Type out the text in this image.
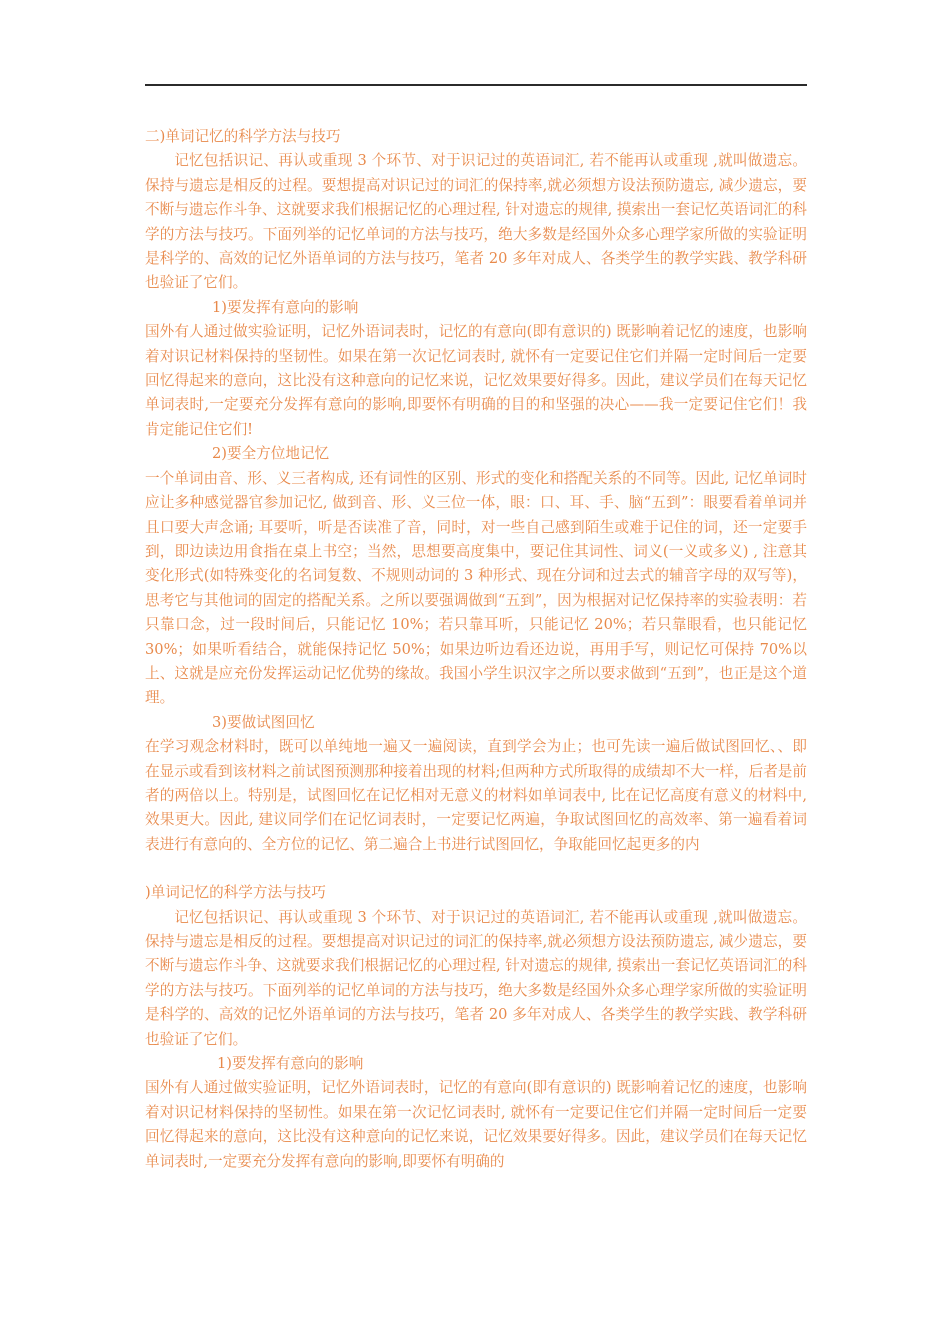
二)单词记忆的科学方法与技巧

记忆包括识记、再认或重现 3 个环节、对于识记过的英语词汇, 若不能再认或重现 ,就叫做遗忘。保持与遗忘是相反的过程。要想提高对识记过的词汇的保持率,就必须想方设法预防遗忘, 减少遗忘，要不断与遗忘作斗争、这就要求我们根据记忆的心理过程, 针对遗忘的规律, 摸索出一套记忆英语词汇的科学的方法与技巧。下面列举的记忆单词的方法与技巧，绝大多数是经国外众多心理学家所做的实验证明是科学的、高效的记忆外语单词的方法与技巧，笔者 20 多年对成人、各类学生的教学实践、教学科研也验证了它们。

1)要发挥有意向的影响

国外有人通过做实验证明，记忆外语词表时，记忆的有意向(即有意识的) 既影响着记忆的速度，也影响着对识记材料保持的坚韧性。如果在第一次记忆词表时, 就怀有一定要记住它们并隔一定时间后一定要回忆得起来的意向，这比没有这种意向的记忆来说，记忆效果要好得多。因此，建议学员们在每天记忆单词表时,一定要充分发挥有意向的影响,即要怀有明确的目的和坚强的决心——我一定要记住它们！我肯定能记住它们!

2)要全方位地记忆

一个单词由音、形、义三者构成, 还有词性的区别、形式的变化和搭配关系的不同等。因此, 记忆单词时应让多种感觉器官参加记忆, 做到音、形、义三位一体，眼：口、耳、手、脑“五到”：眼要看着单词并且口要大声念诵; 耳要听，听是否读准了音，同时，对一些自己感到陌生或难于记住的词，还一定要手到，即边读边用食指在桌上书空；当然，思想要高度集中，要记住其词性、词义(一义或多义) , 注意其变化形式(如特殊变化的名词复数、不规则动词的 3 种形式、现在分词和过去式的辅音字母的双写等)，思考它与其他词的固定的搭配关系。之所以要强调做到“五到”，因为根据对记忆保持率的实验表明：若只靠口念，过一段时间后，只能记忆 10%；若只靠耳听，只能记忆 20%；若只靠眼看，也只能记忆 30%；如果听看结合，就能保持记忆 50%；如果边听边看还边说，再用手写，则记忆可保持 70%以上、这就是应充份发挥运动记忆优势的缘故。我国小学生识汉字之所以要求做到“五到”，也正是这个道理。

3)要做试图回忆

在学习观念材料时，既可以单纯地一遍又一遍阅读，直到学会为止；也可先读一遍后做试图回忆、、即在显示或看到该材料之前试图预测那种接着出现的材料;但两种方式所取得的成绩却不大一样，后者是前者的两倍以上。特别是，试图回忆在记忆相对无意义的材料如单词表中, 比在记忆高度有意义的材料中, 效果更大。因此, 建议同学们在记忆词表时，一定要记忆两遍，争取试图回忆的高效率、第一遍看着词表进行有意向的、全方位的记忆、第二遍合上书进行试图回忆，争取能回忆起更多的内

)单词记忆的科学方法与技巧

记忆包括识记、再认或重现 3 个环节、对于识记过的英语词汇, 若不能再认或重现 ,就叫做遗忘。保持与遗忘是相反的过程。要想提高对识记过的词汇的保持率,就必须想方设法预防遗忘, 减少遗忘，要不断与遗忘作斗争、这就要求我们根据记忆的心理过程, 针对遗忘的规律, 摸索出一套记忆英语词汇的科学的方法与技巧。下面列举的记忆单词的方法与技巧，绝大多数是经国外众多心理学家所做的实验证明是科学的、高效的记忆外语单词的方法与技巧，笔者 20 多年对成人、各类学生的教学实践、教学科研也验证了它们。

1)要发挥有意向的影响

国外有人通过做实验证明，记忆外语词表时，记忆的有意向(即有意识的) 既影响着记忆的速度，也影响着对识记材料保持的坚韧性。如果在第一次记忆词表时, 就怀有一定要记住它们并隔一定时间后一定要回忆得起来的意向，这比没有这种意向的记忆来说，记忆效果要好得多。因此，建议学员们在每天记忆单词表时,一定要充分发挥有意向的影响,即要怀有明确的
